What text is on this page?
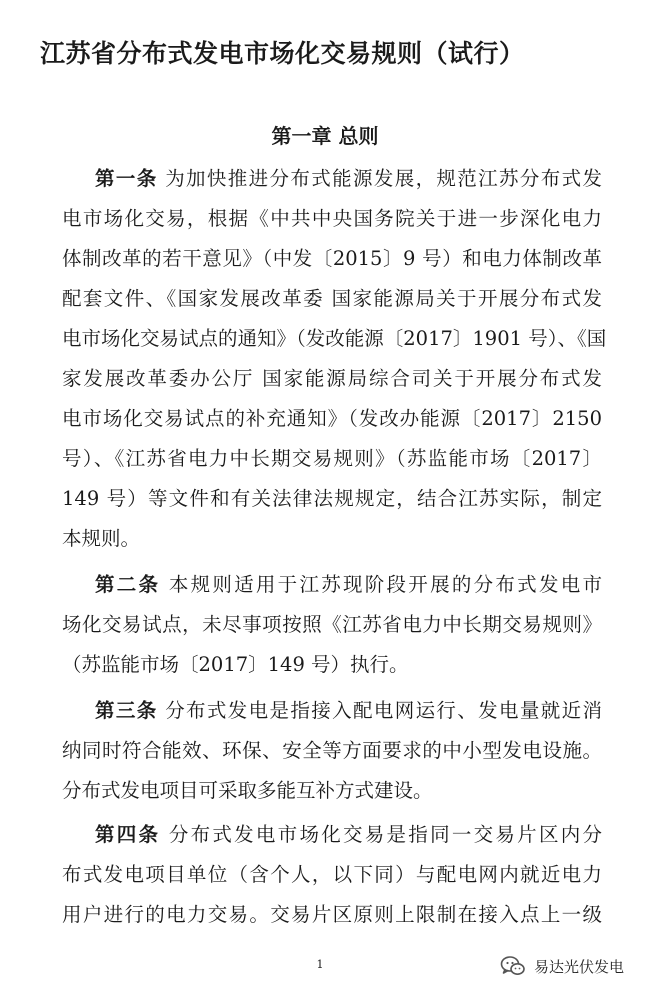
江苏省分布式发电市场化交易规则（试行）
第一章 总则
第一条 为加快推进分布式能源发展，规范江苏分布式发
电市场化交易，根据《中共中央国务院关于进一步深化电力
体制改革的若干意见》（中发〔2015〕9 号）和电力体制改革
配套文件、《国家发展改革委 国家能源局关于开展分布式发
电市场化交易试点的通知》（发改能源〔2017〕1901 号）、《国
家发展改革委办公厅 国家能源局综合司关于开展分布式发
电市场化交易试点的补充通知》（发改办能源〔2017〕2150
号）、《江苏省电力中长期交易规则》（苏监能市场〔2017〕
149 号）等文件和有关法律法规规定，结合江苏实际，制定
本规则。
第二条 本规则适用于江苏现阶段开展的分布式发电市
场化交易试点，未尽事项按照《江苏省电力中长期交易规则》
（苏监能市场〔2017〕149 号）执行。
第三条 分布式发电是指接入配电网运行、发电量就近消
纳同时符合能效、环保、安全等方面要求的中小型发电设施。
分布式发电项目可采取多能互补方式建设。
第四条 分布式发电市场化交易是指同一交易片区内分
布式发电项目单位（含个人，以下同）与配电网内就近电力
用户进行的电力交易。交易片区原则上限制在接入点上一级
1	易达光伏发电
